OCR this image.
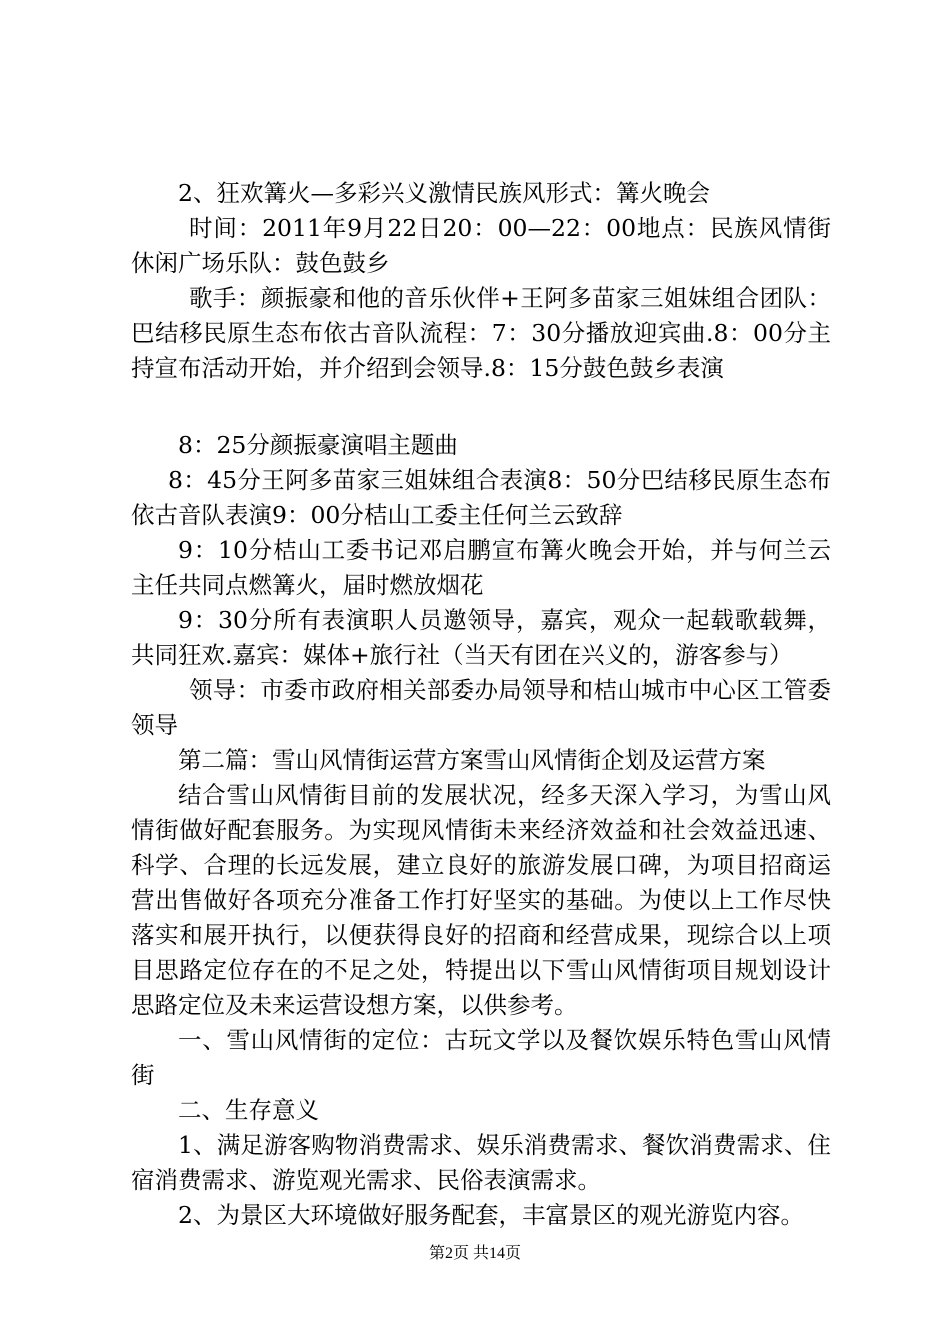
2、狂欢篝火—多彩兴义激情民族风形式：篝火晚会

时间：2011年9月22日20：00—22：00地点：民族风情街休闲广场乐队：鼓色鼓乡

歌手：颜振豪和他的音乐伙伴+王阿多苗家三姐妹组合团队：巴结移民原生态布依古音队流程：7：30分播放迎宾曲.8：00分主持宣布活动开始，并介绍到会领导.8：15分鼓色鼓乡表演

8：25分颜振豪演唱主题曲

8：45分王阿多苗家三姐妹组合表演8：50分巴结移民原生态布依古音队表演9：00分桔山工委主任何兰云致辞

9：10分桔山工委书记邓启鹏宣布篝火晚会开始，并与何兰云主任共同点燃篝火，届时燃放烟花

9：30分所有表演职人员邀领导，嘉宾，观众一起载歌载舞，共同狂欢.嘉宾：媒体+旅行社（当天有团在兴义的，游客参与）

领导：市委市政府相关部委办局领导和桔山城市中心区工管委领导

第二篇：雪山风情街运营方案雪山风情街企划及运营方案

结合雪山风情街目前的发展状况，经多天深入学习，为雪山风情街做好配套服务。为实现风情街未来经济效益和社会效益迅速、科学、合理的长远发展，建立良好的旅游发展口碑，为项目招商运营出售做好各项充分准备工作打好坚实的基础。为使以上工作尽快落实和展开执行，以便获得良好的招商和经营成果，现综合以上项目思路定位存在的不足之处，特提出以下雪山风情街项目规划设计思路定位及未来运营设想方案，以供参考。

一、雪山风情街的定位：古玩文学以及餐饮娱乐特色雪山风情街

二、生存意义

1、满足游客购物消费需求、娱乐消费需求、餐饮消费需求、住宿消费需求、游览观光需求、民俗表演需求。

2、为景区大环境做好服务配套，丰富景区的观光游览内容。

第2页 共14页
